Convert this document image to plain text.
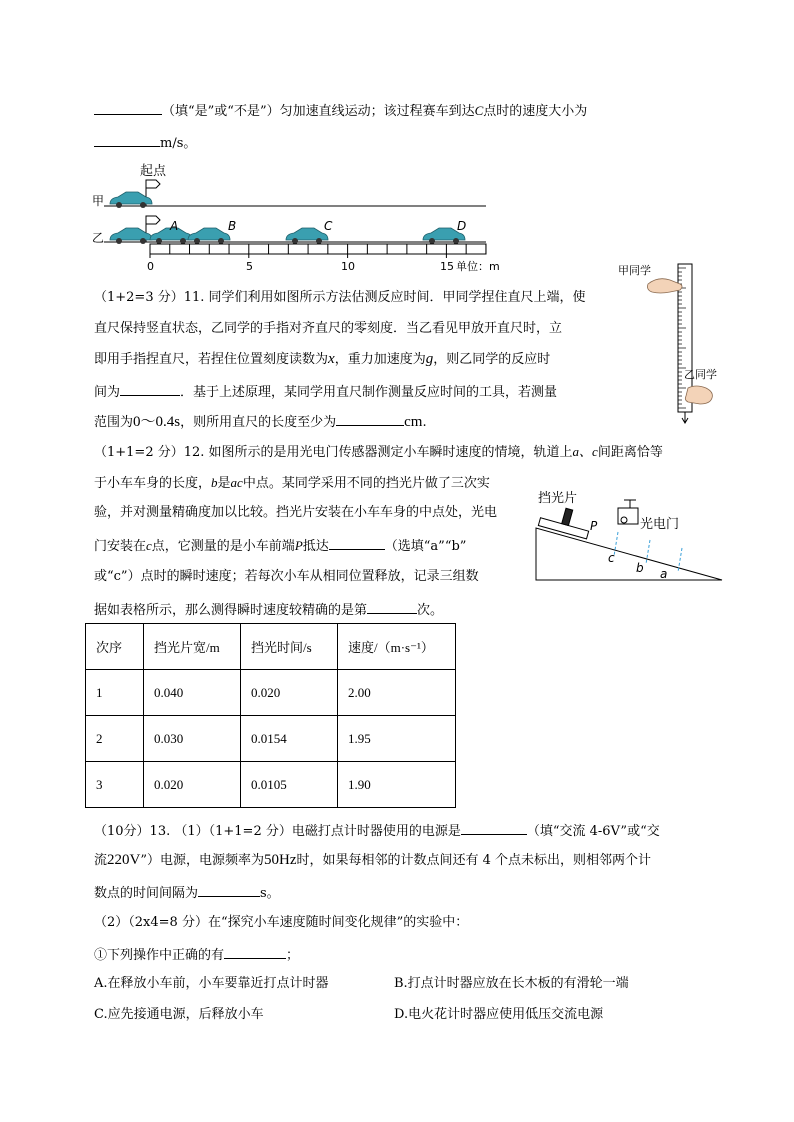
（填“是”或“不是”）匀加速直线运动；该过程赛车到达C点时的速度大小为
m/s。
起点
甲
乙
A	B	C	D
0	5	10	15 单位：m
（1+2=3 分）11. 同学们利用如图所示方法估测反应时间．甲同学捏住直尺上端，使
直尺保持竖直状态，乙同学的手指对齐直尺的零刻度．当乙看见甲放开直尺时，立
即用手指捏直尺，若捏住位置刻度读数为x，重力加速度为g，则乙同学的反应时
间为	．基于上述原理，某同学用直尺制作测量反应时间的工具，若测量
范围为0～0.4s，则所用直尺的长度至少为	cm.
甲同学
乙同学
（1+1=2 分）12. 如图所示的是用光电门传感器测定小车瞬时速度的情境，轨道上a、c间距离恰等
于小车车身的长度，b是ac中点。某同学采用不同的挡光片做了三次实
验，并对测量精确度加以比较。挡光片安装在小车车身的中点处，光电
门安装在c点，它测量的是小车前端P抵达	（选填“a”“b”
或“c”）点时的瞬时速度；若每次小车从相同位置释放，记录三组数
据如表格所示，那么测得瞬时速度较精确的是第	次。
挡光片
P	光电门
c
b a
次序	挡光片宽/m	挡光时间/s	速度/（m·s⁻¹）
1	0.040	0.020	2.00
2	0.030	0.0154	1.95
3	0.020	0.0105	1.90
（10分）13. （1）（1+1=2 分）电磁打点计时器使用的电源是	（填“交流 4-6V”或“交
流220V”）电源，电源频率为50Hz时，如果每相邻的计数点间还有 4 个点未标出，则相邻两个计
数点的时间间隔为	s。
（2）（2x4=8 分）在“探究小车速度随时间变化规律”的实验中：
①下列操作中正确的有	；
A.在释放小车前，小车要靠近打点计时器	B.打点计时器应放在长木板的有滑轮一端
C.应先接通电源，后释放小车	D.电火花计时器应使用低压交流电源
